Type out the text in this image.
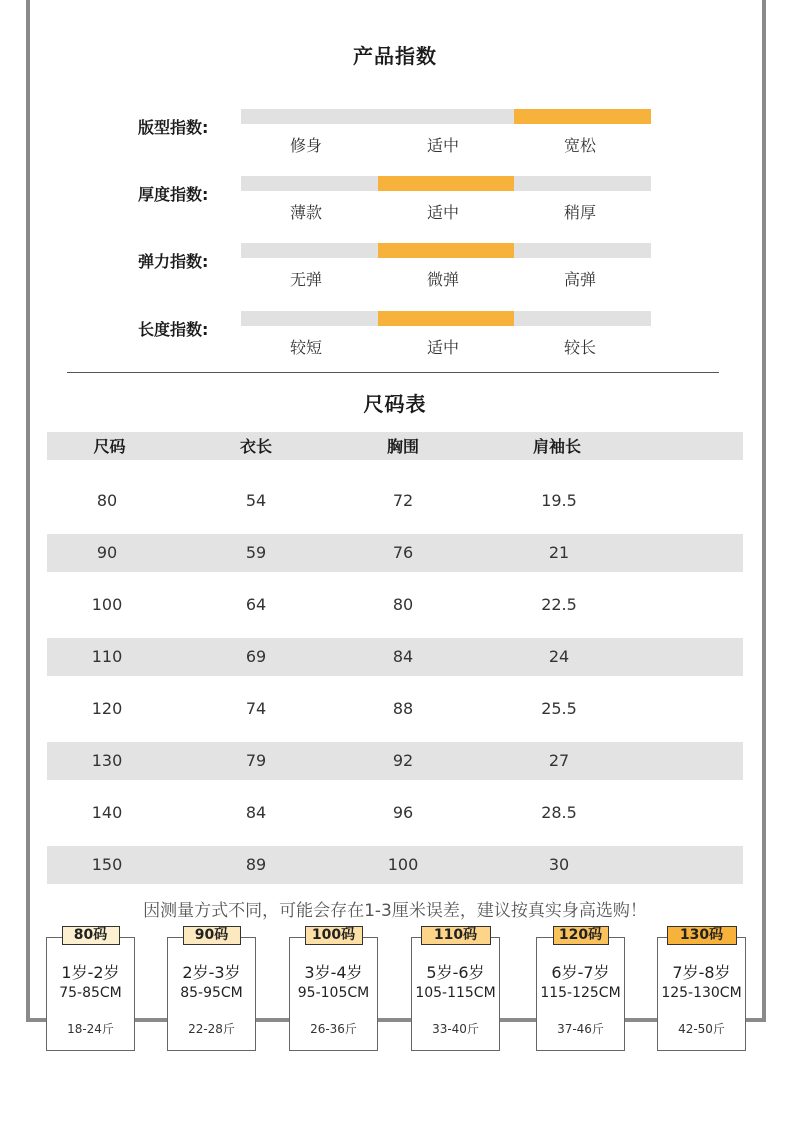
产品指数
版型指数:
修身	适中	宽松
厚度指数:
薄款	适中	稍厚
弹力指数:
无弹	微弹	高弹
长度指数:
较短	适中	较长
尺码表
尺码	衣长	胸围	肩袖长
80	54	72	19.5
90	59	76	21
100	64	80	22.5
110	69	84	24
120	74	88	25.5
130	79	92	27
140	84	96	28.5
150	89	100	30
因测量方式不同，可能会存在1-3厘米误差，建议按真实身高选购！
1岁-2岁
75-85CM
18-24斤
80码
2岁-3岁
85-95CM
22-28斤
90码
3岁-4岁
95-105CM
26-36斤
100码
5岁-6岁
105-115CM
33-40斤
110码
6岁-7岁
115-125CM
37-46斤
120码
7岁-8岁
125-130CM
42-50斤
130码
